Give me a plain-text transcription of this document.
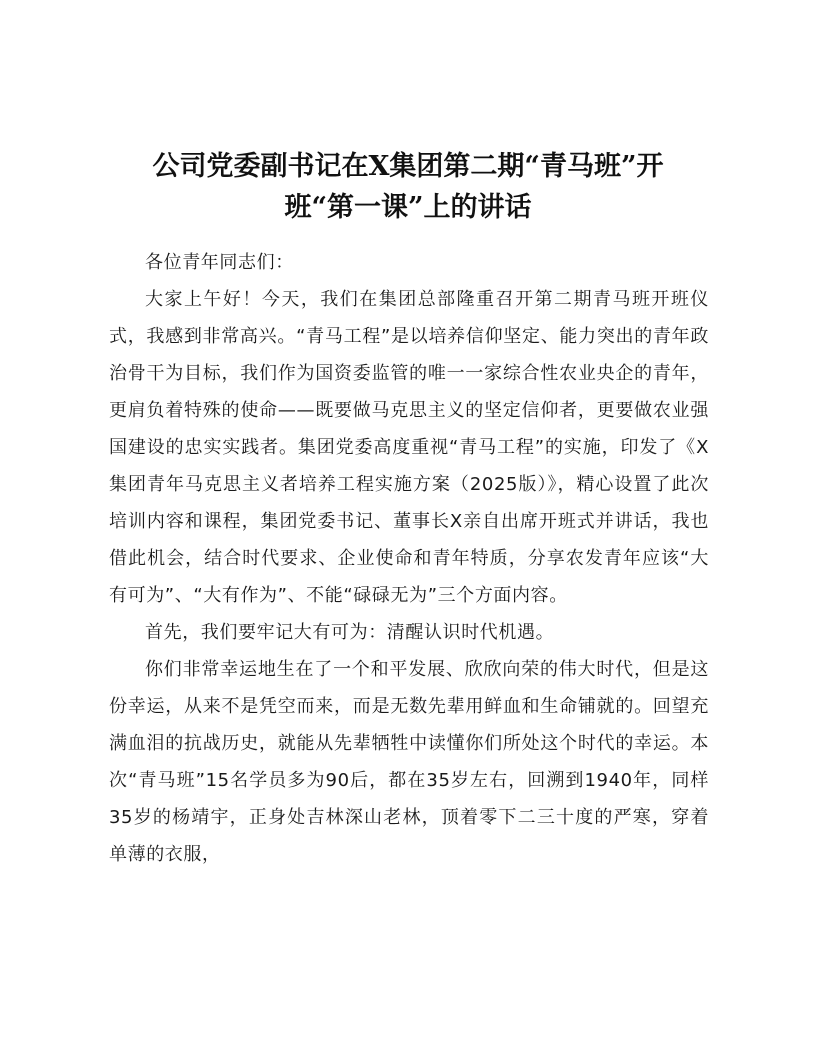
公司党委副书记在X集团第二期“青马班”开
班“第一课”上的讲话

各位青年同志们：

大家上午好！今天，我们在集团总部隆重召开第二期青马班开班仪式，我感到非常高兴。“青马工程”是以培养信仰坚定、能力突出的青年政治骨干为目标，我们作为国资委监管的唯一一家综合性农业央企的青年，更肩负着特殊的使命——既要做马克思主义的坚定信仰者，更要做农业强国建设的忠实实践者。集团党委高度重视“青马工程”的实施，印发了《X集团青年马克思主义者培养工程实施方案（2025版）》，精心设置了此次培训内容和课程，集团党委书记、董事长X亲自出席开班式并讲话，我也借此机会，结合时代要求、企业使命和青年特质，分享农发青年应该“大有可为”、“大有作为”、不能“碌碌无为”三个方面内容。

首先，我们要牢记大有可为：清醒认识时代机遇。

你们非常幸运地生在了一个和平发展、欣欣向荣的伟大时代，但是这份幸运，从来不是凭空而来，而是无数先辈用鲜血和生命铺就的。回望充满血泪的抗战历史，就能从先辈牺牲中读懂你们所处这个时代的幸运。本次“青马班”15名学员多为90后，都在35岁左右，回溯到1940年，同样35岁的杨靖宇，正身处吉林深山老林，顶着零下二三十度的严寒，穿着单薄的衣服，
